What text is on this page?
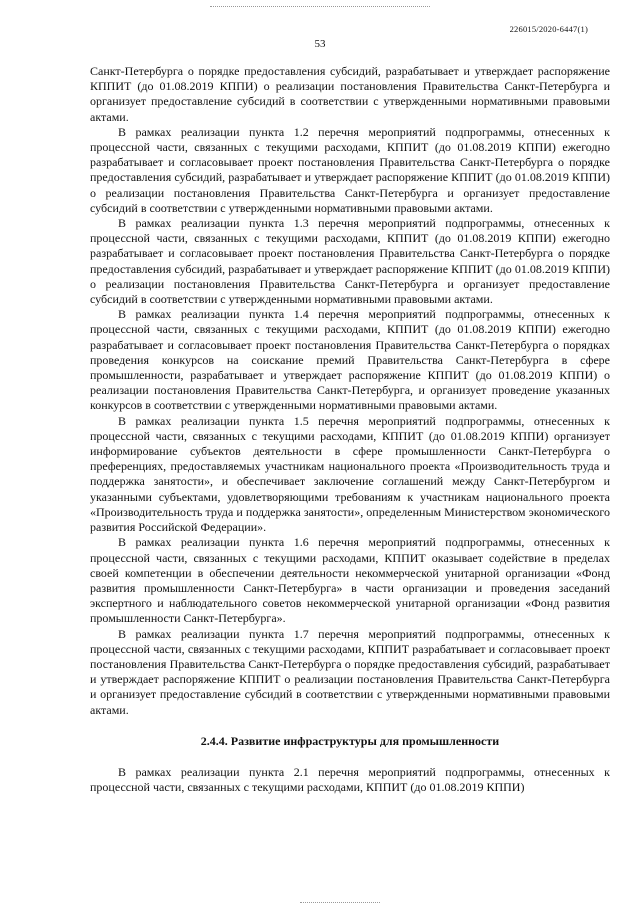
226015/2020-6447(1)
53

Санкт-Петербурга о порядке предоставления субсидий, разрабатывает и утверждает распоряжение КППИТ (до 01.08.2019 КППИ) о реализации постановления Правительства Санкт-Петербурга и организует предоставление субсидий в соответствии с утвержденными нормативными правовыми актами.

В рамках реализации пункта 1.2 перечня мероприятий подпрограммы, отнесенных к процессной части, связанных с текущими расходами, КППИТ (до 01.08.2019 КППИ) ежегодно разрабатывает и согласовывает проект постановления Правительства Санкт-Петербурга о порядке предоставления субсидий, разрабатывает и утверждает распоряжение КППИТ (до 01.08.2019 КППИ) о реализации постановления Правительства Санкт-Петербурга и организует предоставление субсидий в соответствии с утвержденными нормативными правовыми актами.

В рамках реализации пункта 1.3 перечня мероприятий подпрограммы, отнесенных к процессной части, связанных с текущими расходами, КППИТ (до 01.08.2019 КППИ) ежегодно разрабатывает и согласовывает проект постановления Правительства Санкт-Петербурга о порядке предоставления субсидий, разрабатывает и утверждает распоряжение КППИТ (до 01.08.2019 КППИ) о реализации постановления Правительства Санкт-Петербурга и организует предоставление субсидий в соответствии с утвержденными нормативными правовыми актами.

В рамках реализации пункта 1.4 перечня мероприятий подпрограммы, отнесенных к процессной части, связанных с текущими расходами, КППИТ (до 01.08.2019 КППИ) ежегодно разрабатывает и согласовывает проект постановления Правительства Санкт-Петербурга о порядках проведения конкурсов на соискание премий Правительства Санкт-Петербурга в сфере промышленности, разрабатывает и утверждает распоряжение КППИТ (до 01.08.2019 КППИ) о реализации постановления Правительства Санкт-Петербурга, и организует проведение указанных конкурсов в соответствии с утвержденными нормативными правовыми актами.

В рамках реализации пункта 1.5 перечня мероприятий подпрограммы, отнесенных к процессной части, связанных с текущими расходами, КППИТ (до 01.08.2019 КППИ) организует информирование субъектов деятельности в сфере промышленности Санкт-Петербурга о преференциях, предоставляемых участникам национального проекта «Производительность труда и поддержка занятости», и обеспечивает заключение соглашений между Санкт-Петербургом и указанными субъектами, удовлетворяющими требованиям к участникам национального проекта «Производительность труда и поддержка занятости», определенным Министерством экономического развития Российской Федерации».

В рамках реализации пункта 1.6 перечня мероприятий подпрограммы, отнесенных к процессной части, связанных с текущими расходами, КППИТ оказывает содействие в пределах своей компетенции в обеспечении деятельности некоммерческой унитарной организации «Фонд развития промышленности Санкт-Петербурга» в части организации и проведения заседаний экспертного и наблюдательного советов некоммерческой унитарной организации «Фонд развития промышленности Санкт-Петербурга».

В рамках реализации пункта 1.7 перечня мероприятий подпрограммы, отнесенных к процессной части, связанных с текущими расходами, КППИТ разрабатывает и согласовывает проект постановления Правительства Санкт-Петербурга о порядке предоставления субсидий, разрабатывает и утверждает распоряжение КППИТ о реализации постановления Правительства Санкт-Петербурга и организует предоставление субсидий в соответствии с утвержденными нормативными правовыми актами.

2.4.4. Развитие инфраструктуры для промышленности

В рамках реализации пункта 2.1 перечня мероприятий подпрограммы, отнесенных к процессной части, связанных с текущими расходами, КППИТ (до 01.08.2019 КППИ)
